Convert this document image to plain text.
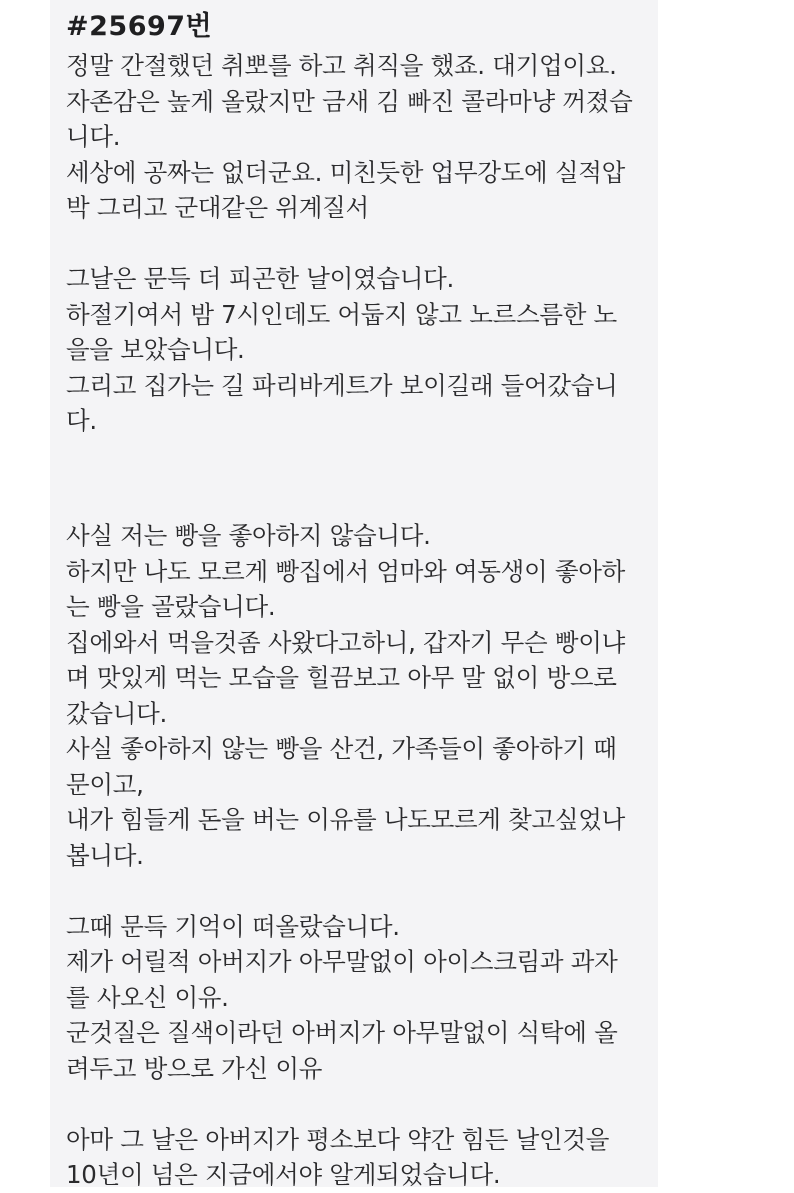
#25697번
정말 간절했던 취뽀를 하고 취직을 했죠. 대기업이요.
자존감은 높게 올랐지만 금새 김 빠진 콜라마냥 꺼졌습
니다.
세상에 공짜는 없더군요. 미친듯한 업무강도에 실적압
박 그리고 군대같은 위계질서
그날은 문득 더 피곤한 날이였습니다.
하절기여서 밤 7시인데도 어둡지 않고 노르스름한 노
을을 보았습니다.
그리고 집가는 길 파리바게트가 보이길래 들어갔습니
다.
사실 저는 빵을 좋아하지 않습니다.
하지만 나도 모르게 빵집에서 엄마와 여동생이 좋아하
는 빵을 골랐습니다.
집에와서 먹을것좀 사왔다고하니, 갑자기 무슨 빵이냐
며 맛있게 먹는 모습을 힐끔보고 아무 말 없이 방으로
갔습니다.
사실 좋아하지 않는 빵을 산건, 가족들이 좋아하기 때
문이고,
내가 힘들게 돈을 버는 이유를 나도모르게 찾고싶었나
봅니다.
그때 문득 기억이 떠올랐습니다.
제가 어릴적 아버지가 아무말없이 아이스크림과 과자
를 사오신 이유.
군것질은 질색이라던 아버지가 아무말없이 식탁에 올
려두고 방으로 가신 이유
아마 그 날은 아버지가 평소보다 약간 힘든 날인것을
10년이 넘은 지금에서야 알게되었습니다.
